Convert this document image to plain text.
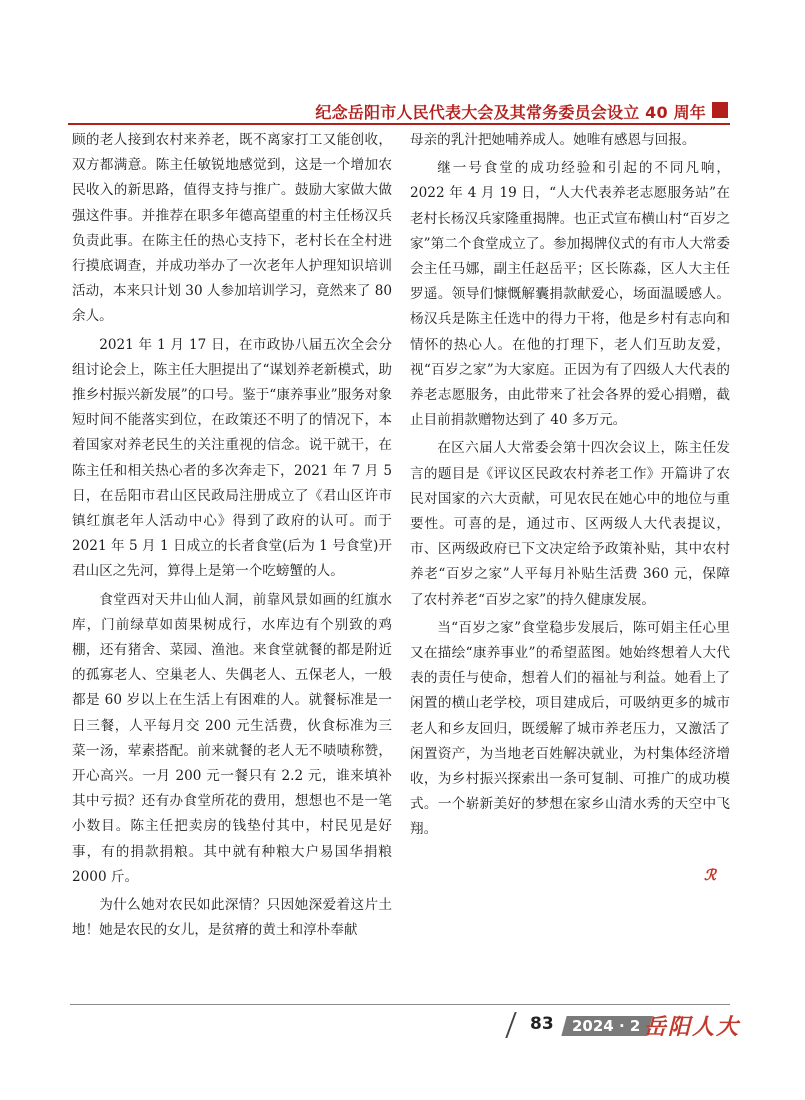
纪念岳阳市人民代表大会及其常务委员会设立 40 周年

顾的老人接到农村来养老，既不离家打工又能创收，双方都满意。陈主任敏锐地感觉到，这是一个增加农民收入的新思路，值得支持与推广。鼓励大家做大做强这件事。并推荐在职多年德高望重的村主任杨汉兵负责此事。在陈主任的热心支持下，老村长在全村进行摸底调查，并成功举办了一次老年人护理知识培训活动，本来只计划 30 人参加培训学习，竟然来了 80 余人。

2021 年 1 月 17 日，在市政协八届五次全会分组讨论会上，陈主任大胆提出了“谋划养老新模式，助推乡村振兴新发展”的口号。鉴于“康养事业”服务对象短时间不能落实到位，在政策还不明了的情况下，本着国家对养老民生的关注重视的信念。说干就干，在陈主任和相关热心者的多次奔走下，2021 年 7 月 5 日，在岳阳市君山区民政局注册成立了《君山区许市镇红旗老年人活动中心》得到了政府的认可。而于 2021 年 5 月 1 日成立的长者食堂(后为 1 号食堂)开君山区之先河，算得上是第一个吃螃蟹的人。

食堂西对天井山仙人洞，前靠风景如画的红旗水库，门前绿草如茵果树成行，水库边有个别致的鸡棚，还有猪舍、菜园、渔池。来食堂就餐的都是附近的孤寡老人、空巢老人、失偶老人、五保老人，一般都是 60 岁以上在生活上有困难的人。就餐标准是一日三餐，人平每月交 200 元生活费，伙食标准为三菜一汤，荤素搭配。前来就餐的老人无不啧啧称赞，开心高兴。一月 200 元一餐只有 2.2 元，谁来填补其中亏损？还有办食堂所花的费用，想想也不是一笔小数目。陈主任把卖房的钱垫付其中，村民见是好事，有的捐款捐粮。其中就有种粮大户易国华捐粮 2000 斤。

为什么她对农民如此深情？只因她深爱着这片土地！她是农民的女儿，是贫瘠的黄土和淳朴奉献

母亲的乳汁把她哺养成人。她唯有感恩与回报。

继一号食堂的成功经验和引起的不同凡响，2022 年 4 月 19 日，“人大代表养老志愿服务站”在老村长杨汉兵家隆重揭牌。也正式宣布横山村“百岁之家”第二个食堂成立了。参加揭牌仪式的有市人大常委会主任马娜，副主任赵岳平；区长陈淼，区人大主任罗遥。领导们慷慨解囊捐款献爱心，场面温暖感人。 杨汉兵是陈主任选中的得力干将，他是乡村有志向和情怀的热心人。在他的打理下，老人们互助友爱，视“百岁之家”为大家庭。正因为有了四级人大代表的养老志愿服务，由此带来了社会各界的爱心捐赠，截止目前捐款赠物达到了 40 多万元。

在区六届人大常委会第十四次会议上，陈主任发言的题目是《评议区民政农村养老工作》开篇讲了农民对国家的六大贡献，可见农民在她心中的地位与重要性。可喜的是，通过市、区两级人大代表提议，市、区两级政府已下文决定给予政策补贴，其中农村养老“百岁之家”人平每月补贴生活费 360 元，保障了农村养老“百岁之家”的持久健康发展。

当“百岁之家”食堂稳步发展后，陈可娟主任心里又在描绘“康养事业”的希望蓝图。她始终想着人大代表的责任与使命，想着人们的福祉与利益。她看上了闲置的横山老学校，项目建成后，可吸纳更多的城市老人和乡友回归，既缓解了城市养老压力，又激活了闲置资产，为当地老百姓解决就业，为村集体经济增收，为乡村振兴探索出一条可复制、可推广的成功模式。一个崭新美好的梦想在家乡山清水秀的天空中飞翔。

ℛ
83	2024 · 2 岳阳人大
